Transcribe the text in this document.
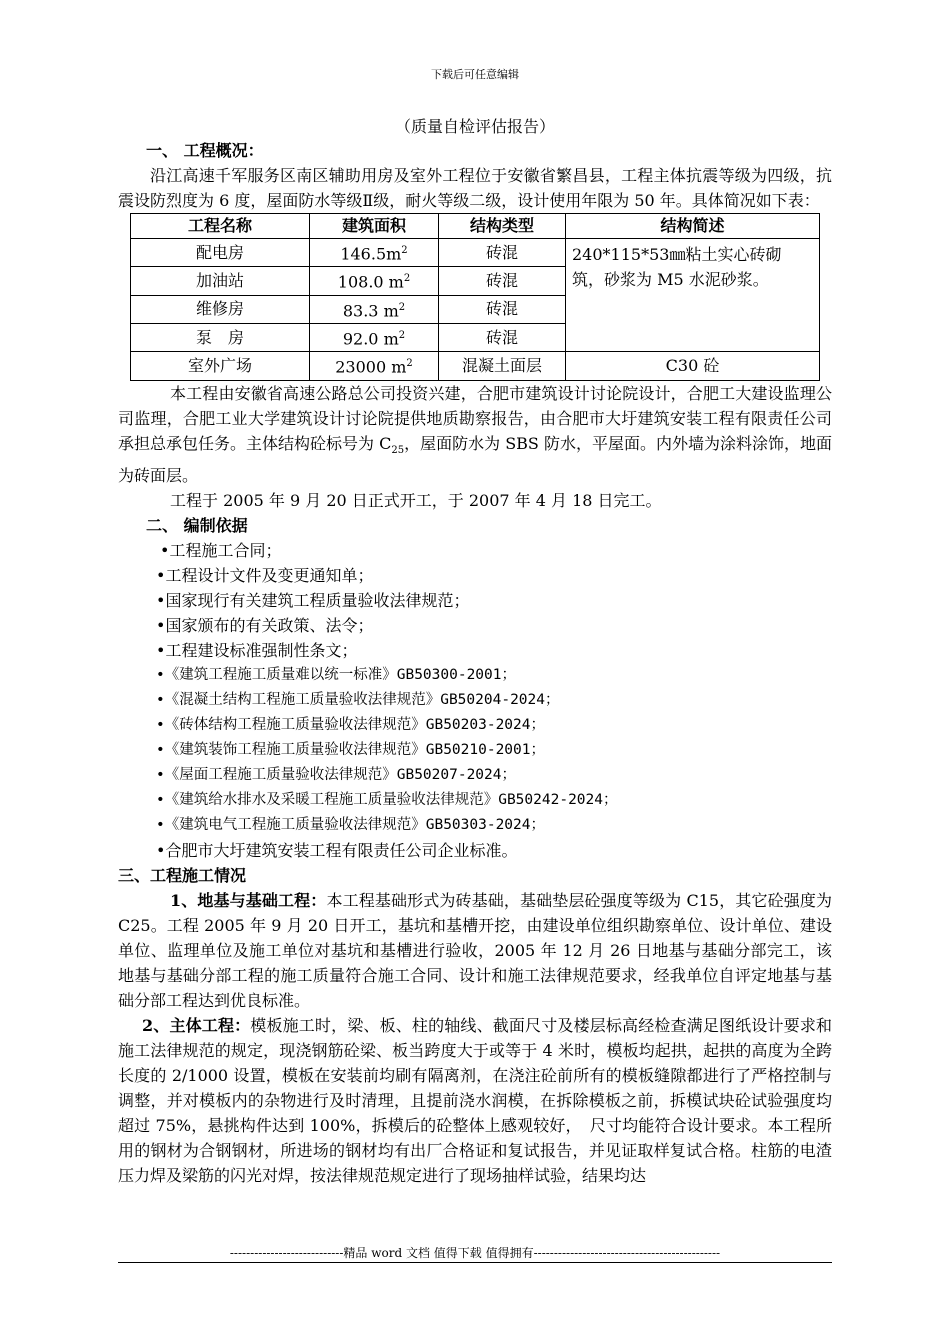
下载后可任意编辑
（质量自检评估报告）
一、 工程概况：

沿江高速千军服务区南区辅助用房及室外工程位于安徽省繁昌县，工程主体抗震等级为四级，抗震设防烈度为 6 度，屋面防水等级Ⅱ级，耐火等级二级，设计使用年限为 50 年。具体简况如下表：

工程名称	建筑面积	结构类型	结构简述
配电房	$146.5m^2$	砖混	240*115*53㎜粘土实心砖砌筑，砂浆为 M5 水泥砂浆。
加油站	108.0 $m^2$	砖混	
维修房	83.3 $m^2$	砖混	
泵　房	92.0 $m^2$	砖混	
室外广场	23000 $m^2$	混凝土面层	C30 砼

本工程由安徽省高速公路总公司投资兴建，合肥市建筑设计讨论院设计，合肥工大建设监理公司监理，合肥工业大学建筑设计讨论院提供地质勘察报告，由合肥市大圩建筑安装工程有限责任公司承担总承包任务。主体结构砼标号为 $C_{25}$，屋面防水为 SBS 防水，平屋面。内外墙为涂料涂饰，地面为砖面层。

工程于 2005 年 9 月 20 日正式开工，于 2007 年 4 月 18 日完工。

二、 编制依据
•工程施工合同；
•工程设计文件及变更通知单；
•国家现行有关建筑工程质量验收法律规范；
•国家颁布的有关政策、法令；
•工程建设标准强制性条文；
•《建筑工程施工质量难以统一标准》GB50300-2001；
•《混凝土结构工程施工质量验收法律规范》GB50204-2024；
•《砖体结构工程施工质量验收法律规范》GB50203-2024；
•《建筑装饰工程施工质量验收法律规范》GB50210-2001；
•《屋面工程施工质量验收法律规范》GB50207-2024；
•《建筑给水排水及采暖工程施工质量验收法律规范》GB50242-2024；
•《建筑电气工程施工质量验收法律规范》GB50303-2024；
•合肥市大圩建筑安装工程有限责任公司企业标准。
三、工程施工情况

1、地基与基础工程：本工程基础形式为砖基础，基础垫层砼强度等级为 C15，其它砼强度为 C25。工程 2005 年 9 月 20 日开工，基坑和基槽开挖，由建设单位组织勘察单位、设计单位、建设单位、监理单位及施工单位对基坑和基槽进行验收，2005 年 12 月 26 日地基与基础分部完工，该地基与基础分部工程的施工质量符合施工合同、设计和施工法律规范要求，经我单位自评定地基与基础分部工程达到优良标准。

2、主体工程：模板施工时，梁、板、柱的轴线、截面尺寸及楼层标高经检查满足图纸设计要求和施工法律规范的规定，现浇钢筋砼梁、板当跨度大于或等于 4 米时，模板均起拱，起拱的高度为全跨长度的 2/1000 设置，模板在安装前均刷有隔离剂，在浇注砼前所有的模板缝隙都进行了严格控制与调整，并对模板内的杂物进行及时清理，且提前浇水润模，在拆除模板之前，拆模试块砼试验强度均超过 75%，悬挑构件达到 100%，拆模后的砼整体上感观较好，　尺寸均能符合设计要求。本工程所用的钢材为合钢钢材，所进场的钢材均有出厂合格证和复试报告，并见证取样复试合格。柱筋的电渣压力焊及梁筋的闪光对焊，按法律规范规定进行了现场抽样试验，结果均达

----------------------------精品 word 文档 值得下载 值得拥有----------------------------------------------
